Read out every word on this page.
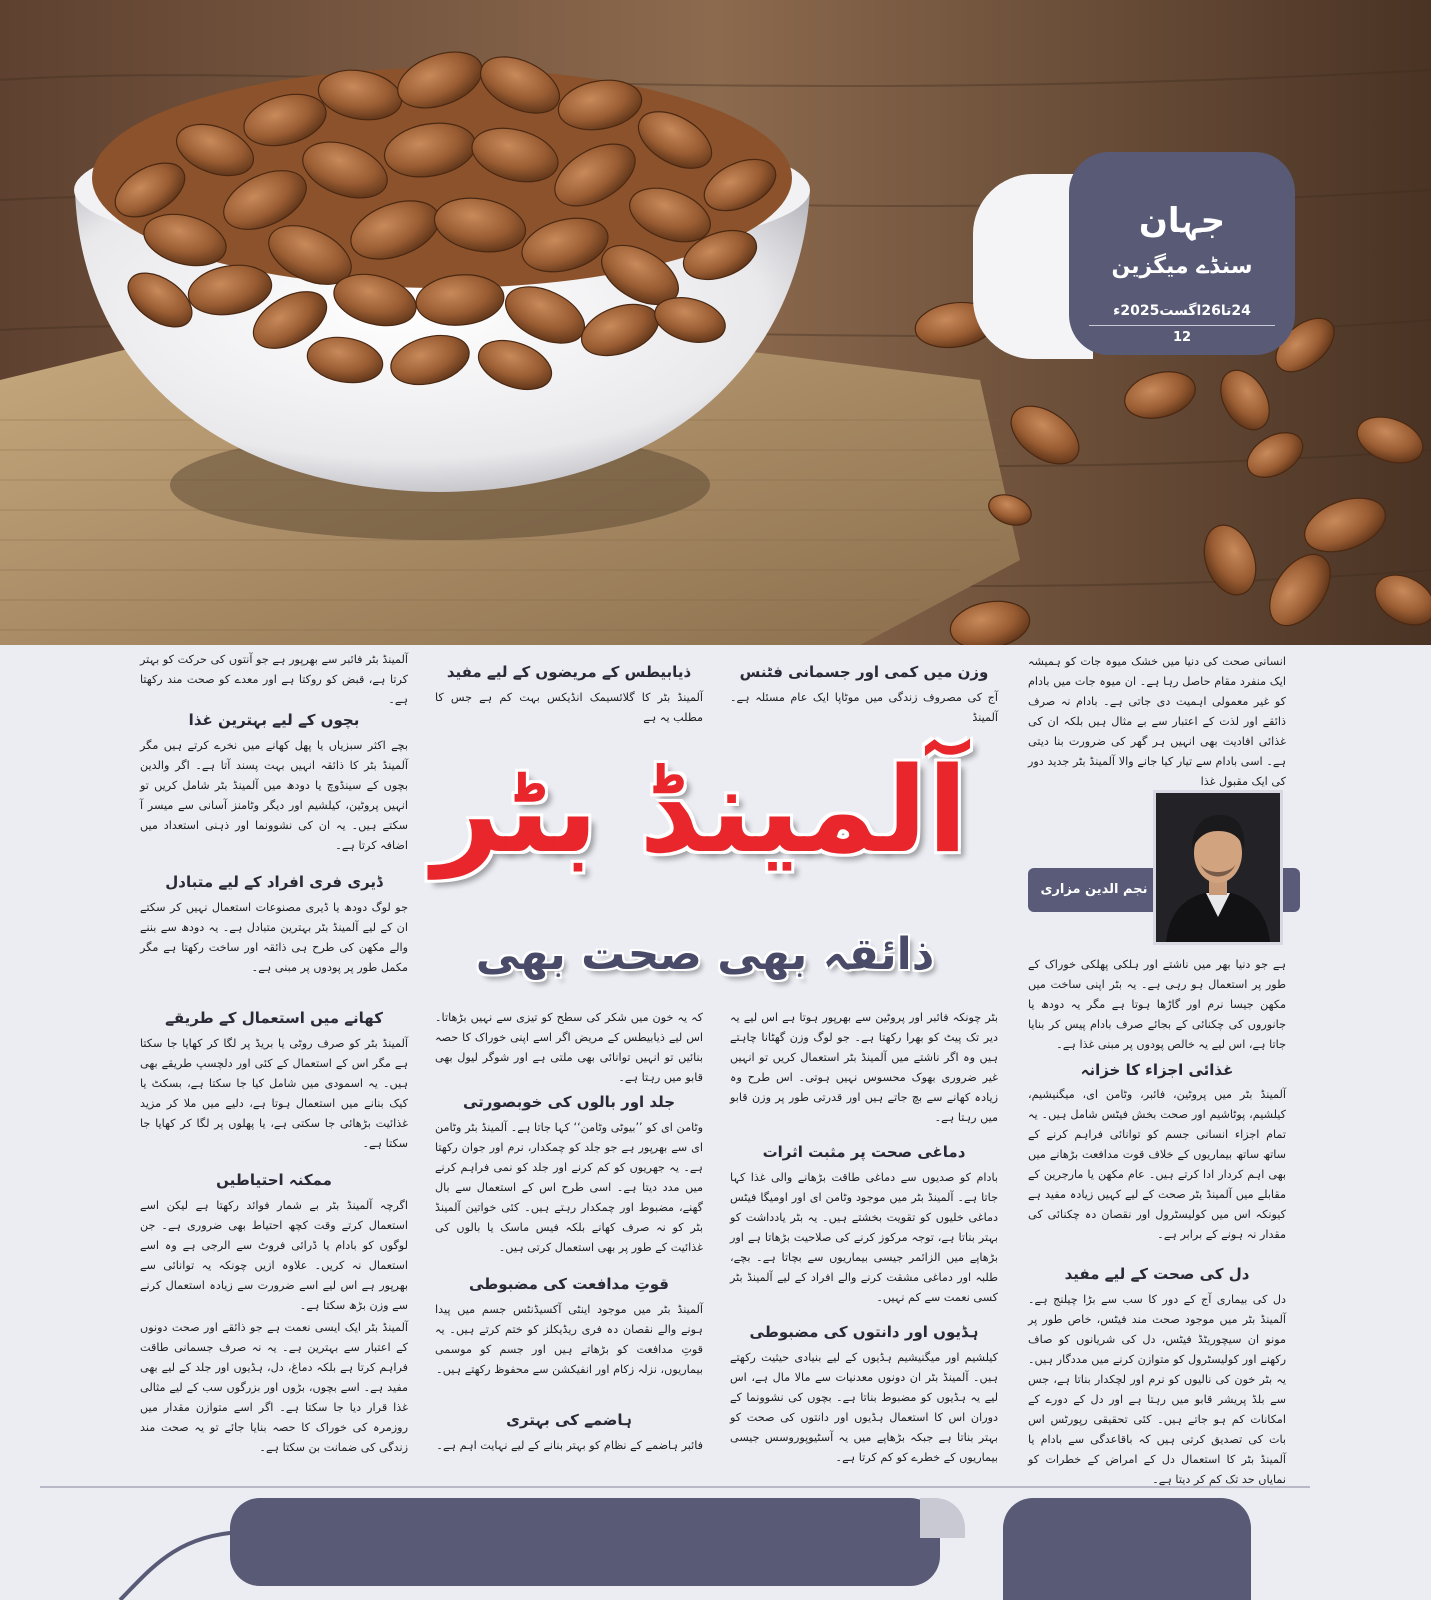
جہان
سنڈے میگزین
24تا26اگست2025ء
12
آلمینڈ بٹر
ذائقہ بھی صحت بھی
انسانی صحت کی دنیا میں خشک میوہ جات کو ہمیشہ ایک منفرد مقام حاصل رہا ہے۔ ان میوہ جات میں بادام کو غیر معمولی اہمیت دی جاتی ہے۔ بادام نہ صرف ذائقے اور لذت کے اعتبار سے بے مثال ہیں بلکہ ان کی غذائی افادیت بھی انہیں ہر گھر کی ضرورت بنا دیتی ہے۔ اسی بادام سے تیار کیا جانے والا آلمینڈ بٹر جدید دور کی ایک مقبول غذا
نجم الدین مزاری
ہے جو دنیا بھر میں ناشتے اور ہلکی پھلکی خوراک کے طور پر استعمال ہو رہی ہے۔ یہ بٹر اپنی ساخت میں مکھن جیسا نرم اور گاڑھا ہوتا ہے مگر یہ دودھ یا جانوروں کی چکنائی کے بجائے صرف بادام پیس کر بنایا جاتا ہے، اس لیے یہ خالص پودوں پر مبنی غذا ہے۔
غذائی اجزاء کا خزانہ
آلمینڈ بٹر میں پروٹین، فائبر، وٹامن ای، میگنیشیم، کیلشیم، پوٹاشیم اور صحت بخش فیٹس شامل ہیں۔ یہ تمام اجزاء انسانی جسم کو توانائی فراہم کرنے کے ساتھ ساتھ بیماریوں کے خلاف قوت مدافعت بڑھانے میں بھی اہم کردار ادا کرتے ہیں۔ عام مکھن یا مارجرین کے مقابلے میں آلمینڈ بٹر صحت کے لیے کہیں زیادہ مفید ہے کیونکہ اس میں کولیسٹرول اور نقصان دہ چکنائی کی مقدار نہ ہونے کے برابر ہے۔
دل کی صحت کے لیے مفید
دل کی بیماری آج کے دور کا سب سے بڑا چیلنج ہے۔ آلمینڈ بٹر میں موجود صحت مند فیٹس، خاص طور پر مونو ان سیچوریٹڈ فیٹس، دل کی شریانوں کو صاف رکھنے اور کولیسٹرول کو متوازن کرنے میں مددگار ہیں۔ یہ بٹر خون کی نالیوں کو نرم اور لچکدار بناتا ہے، جس سے بلڈ پریشر قابو میں رہتا ہے اور دل کے دورے کے امکانات کم ہو جاتے ہیں۔ کئی تحقیقی رپورٹس اس بات کی تصدیق کرتی ہیں کہ باقاعدگی سے بادام یا آلمینڈ بٹر کا استعمال دل کے امراض کے خطرات کو نمایاں حد تک کم کر دیتا ہے۔
وزن میں کمی اور جسمانی فٹنس
آج کی مصروف زندگی میں موٹاپا ایک عام مسئلہ ہے۔ آلمینڈ
بٹر چونکہ فائبر اور پروٹین سے بھرپور ہوتا ہے اس لیے یہ دیر تک پیٹ کو بھرا رکھتا ہے۔ جو لوگ وزن گھٹانا چاہتے ہیں وہ اگر ناشتے میں آلمینڈ بٹر استعمال کریں تو انہیں غیر ضروری بھوک محسوس نہیں ہوتی۔ اس طرح وہ زیادہ کھانے سے بچ جاتے ہیں اور قدرتی طور پر وزن قابو میں رہتا ہے۔
دماغی صحت پر مثبت اثرات
بادام کو صدیوں سے دماغی طاقت بڑھانے والی غذا کہا جاتا ہے۔ آلمینڈ بٹر میں موجود وٹامن ای اور اومیگا فیٹس دماغی خلیوں کو تقویت بخشتے ہیں۔ یہ بٹر یادداشت کو بہتر بناتا ہے، توجہ مرکوز کرنے کی صلاحیت بڑھاتا ہے اور بڑھاپے میں الزائمر جیسی بیماریوں سے بچاتا ہے۔ بچے، طلبہ اور دماغی مشقت کرنے والے افراد کے لیے آلمینڈ بٹر کسی نعمت سے کم نہیں۔
ہڈیوں اور دانتوں کی مضبوطی
کیلشیم اور میگنیشیم ہڈیوں کے لیے بنیادی حیثیت رکھتے ہیں۔ آلمینڈ بٹر ان دونوں معدنیات سے مالا مال ہے، اس لیے یہ ہڈیوں کو مضبوط بناتا ہے۔ بچوں کی نشوونما کے دوران اس کا استعمال ہڈیوں اور دانتوں کی صحت کو بہتر بناتا ہے جبکہ بڑھاپے میں یہ آسٹیوپوروسس جیسی بیماریوں کے خطرے کو کم کرتا ہے۔
ذیابیطس کے مریضوں کے لیے مفید
آلمینڈ بٹر کا گلائسیمک انڈیکس بہت کم ہے جس کا مطلب یہ ہے
کہ یہ خون میں شکر کی سطح کو تیزی سے نہیں بڑھاتا۔ اس لیے ذیابیطس کے مریض اگر اسے اپنی خوراک کا حصہ بنائیں تو انہیں توانائی بھی ملتی ہے اور شوگر لیول بھی قابو میں رہتا ہے۔
جلد اور بالوں کی خوبصورتی
وٹامن ای کو ’’بیوٹی وٹامن‘‘ کہا جاتا ہے۔ آلمینڈ بٹر وٹامن ای سے بھرپور ہے جو جلد کو چمکدار، نرم اور جوان رکھتا ہے۔ یہ جھریوں کو کم کرنے اور جلد کو نمی فراہم کرنے میں مدد دیتا ہے۔ اسی طرح اس کے استعمال سے بال گھنے، مضبوط اور چمکدار رہتے ہیں۔ کئی خواتین آلمینڈ بٹر کو نہ صرف کھانے بلکہ فیس ماسک یا بالوں کی غذائیت کے طور پر بھی استعمال کرتی ہیں۔
قوتِ مدافعت کی مضبوطی
آلمینڈ بٹر میں موجود اینٹی آکسیڈنٹس جسم میں پیدا ہونے والے نقصان دہ فری ریڈیکلز کو ختم کرتے ہیں۔ یہ قوتِ مدافعت کو بڑھاتے ہیں اور جسم کو موسمی بیماریوں، نزلہ زکام اور انفیکشن سے محفوظ رکھتے ہیں۔
ہاضمے کی بہتری
فائبر ہاضمے کے نظام کو بہتر بنانے کے لیے نہایت اہم ہے۔
آلمینڈ بٹر فائبر سے بھرپور ہے جو آنتوں کی حرکت کو بہتر کرتا ہے، قبض کو روکتا ہے اور معدے کو صحت مند رکھتا ہے۔
بچوں کے لیے بہترین غذا
بچے اکثر سبزیاں یا پھل کھانے میں نخرے کرتے ہیں مگر آلمینڈ بٹر کا ذائقہ انہیں بہت پسند آتا ہے۔ اگر والدین بچوں کے سینڈوچ یا دودھ میں آلمینڈ بٹر شامل کریں تو انہیں پروٹین، کیلشیم اور دیگر وٹامنز آسانی سے میسر آ سکتے ہیں۔ یہ ان کی نشوونما اور ذہنی استعداد میں اضافہ کرتا ہے۔
ڈیری فری افراد کے لیے متبادل
جو لوگ دودھ یا ڈیری مصنوعات استعمال نہیں کر سکتے ان کے لیے آلمینڈ بٹر بہترین متبادل ہے۔ یہ دودھ سے بننے والے مکھن کی طرح ہی ذائقہ اور ساخت رکھتا ہے مگر مکمل طور پر پودوں پر مبنی ہے۔
کھانے میں استعمال کے طریقے
آلمینڈ بٹر کو صرف روٹی یا بریڈ پر لگا کر کھایا جا سکتا ہے مگر اس کے استعمال کے کئی اور دلچسپ طریقے بھی ہیں۔ یہ اسمودی میں شامل کیا جا سکتا ہے، بسکٹ یا کیک بنانے میں استعمال ہوتا ہے، دلیے میں ملا کر مزید غذائیت بڑھائی جا سکتی ہے، یا پھلوں پر لگا کر کھایا جا سکتا ہے۔
ممکنہ احتیاطیں
اگرچہ آلمینڈ بٹر بے شمار فوائد رکھتا ہے لیکن اسے استعمال کرتے وقت کچھ احتیاط بھی ضروری ہے۔ جن لوگوں کو بادام یا ڈرائی فروٹ سے الرجی ہے وہ اسے استعمال نہ کریں۔ علاوہ ازیں چونکہ یہ توانائی سے بھرپور ہے اس لیے اسے ضرورت سے زیادہ استعمال کرنے سے وزن بڑھ سکتا ہے۔
آلمینڈ بٹر ایک ایسی نعمت ہے جو ذائقے اور صحت دونوں کے اعتبار سے بہترین ہے۔ یہ نہ صرف جسمانی طاقت فراہم کرتا ہے بلکہ دماغ، دل، ہڈیوں اور جلد کے لیے بھی مفید ہے۔ اسے بچوں، بڑوں اور بزرگوں سب کے لیے مثالی غذا قرار دیا جا سکتا ہے۔ اگر اسے متوازن مقدار میں روزمرہ کی خوراک کا حصہ بنایا جائے تو یہ صحت مند زندگی کی ضمانت بن سکتا ہے۔
